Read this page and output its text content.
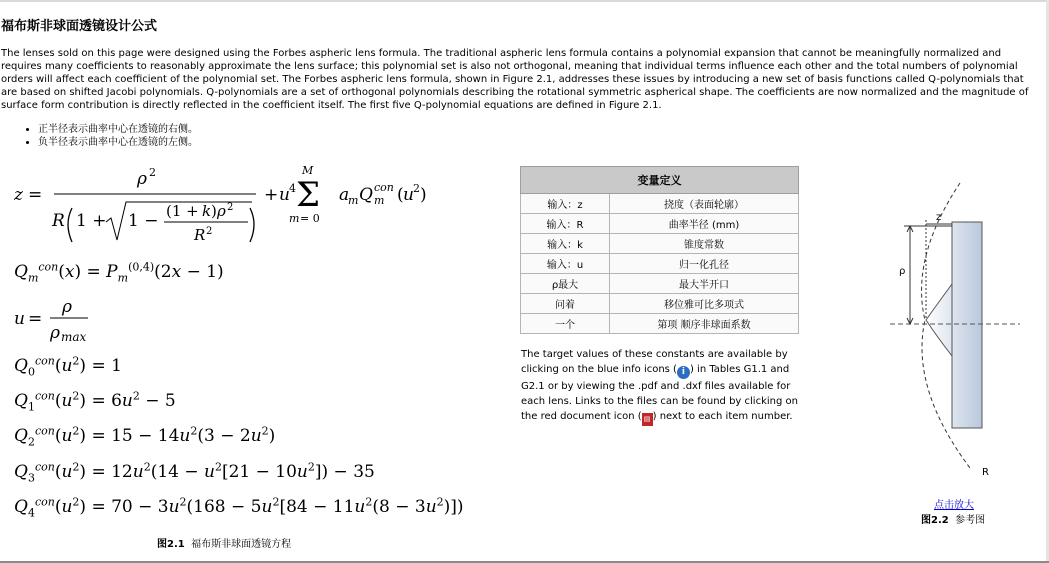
福布斯非球面透镜设计公式
The lenses sold on this page were designed using the Forbes aspheric lens formula. The traditional aspheric lens formula contains a polynomial expansion that cannot be meaningfully normalized and requires many coefficients to reasonably approximate the lens surface; this polynomial set is also not orthogonal, meaning that individual terms influence each other and the total numbers of polynomial orders will affect each coefficient of the polynomial set. The Forbes aspheric lens formula, shown in Figure 2.1, addresses these issues by introducing a new set of basis functions called Q-polynomials that are based on shifted Jacobi polynomials. Q-polynomials are a set of orthogonal polynomials describing the rotational symmetric aspherical shape. The coefficients are now normalized and the magnitude of surface form contribution is directly reflected in the coefficient itself. The first five Q-polynomial equations are defined in Figure 2.1.
• 正半径表示曲率中心在透镜的右侧。
• 负半径表示曲率中心在透镜的左侧。
z =
ρ 2
R 1 + 1 − (1 + k ) ρ 2
R 2
+ u 4
M
Σ
m = 0
a
m Q m
con ( u 2 )
$Q_m^{con}(x) = P_m^{(0,4)}(2x - 1)$
u =
ρ
ρ max
$Q_0^{con}(u^2) = 1$
$Q_1^{con}(u^2) = 6u^2 - 5$
$Q_2^{con}(u^2) = 15 - 14u^2(3 - 2u^2)$
$Q_3^{con}(u^2) = 12u^2(14 - u^2[21 - 10u^2]) - 35$
$Q_4^{con}(u^2) = 70 - 3u^2(168 - 5u^2[84 - 11u^2(8 - 3u^2)])$
图2.1 福布斯非球面透镜方程
变量定义	
输入：z	挠度（表面轮廓）
输入：R	曲率半径 (mm)
输入：k	锥度常数
输入：u	归一化孔径
ρ最大	最大半开口
问着	移位雅可比多项式
一个	第项 顺序非球面系数
The target values of these constants are available by clicking on the blue info icons ( i ) in Tables G1.1 and G2.1 or by viewing the .pdf and .dxf files available for each lens. Links to the files can be found by clicking on the red document icon ( ▤ ) next to each item number.
ρ
z
R
点击放大
图2.2 参考图
